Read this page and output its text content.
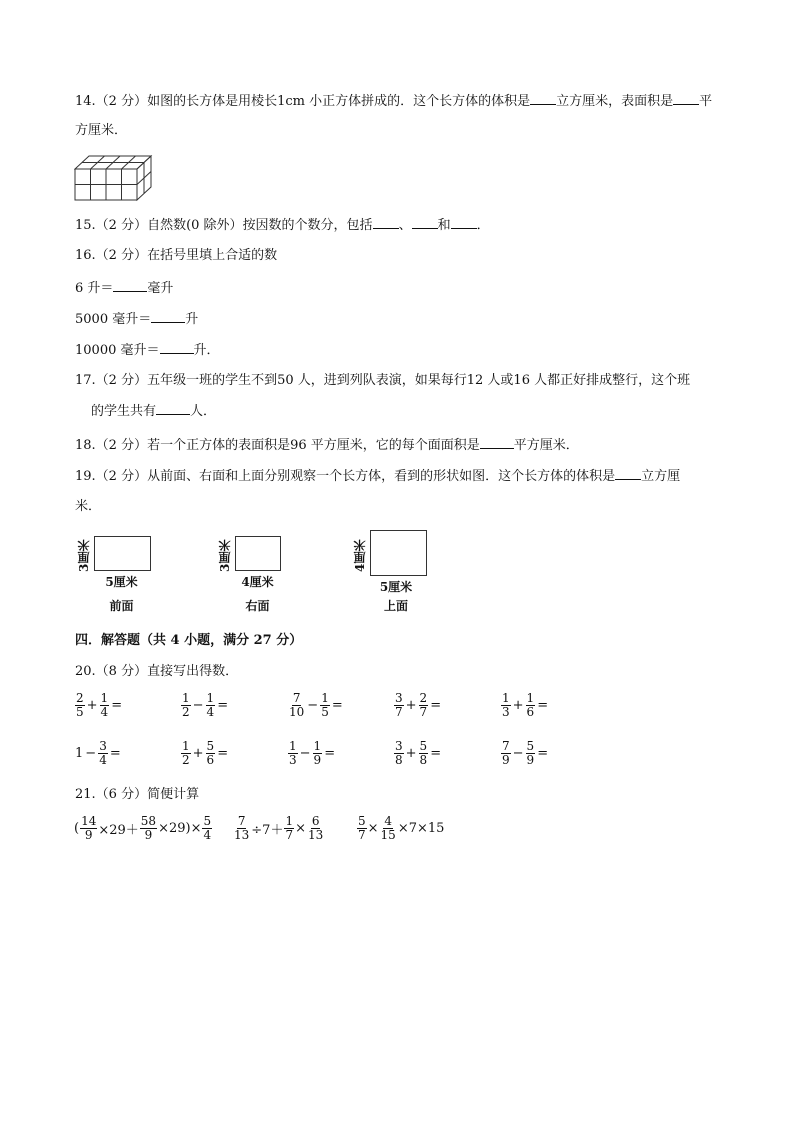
14.（2 分）如图的长方体是用棱长1cm 小正方体拼成的．这个长方体的体积是 立方厘米，表面积是 平
方厘米．
15.（2 分）自然数(0 除外）按因数的个数分，包括 、 和 ．
16.（2 分）在括号里填上合适的数
6 升＝	毫升
5000 毫升＝	升
10000 毫升＝	升．
17.（2 分）五年级一班的学生不到50 人，进到列队表演，如果每行12 人或16 人都正好排成整行，这个班
的学生共有	人．
18.（2 分）若一个正方体的表面积是96 平方厘米，它的每个面面积是	平方厘米．
19.（2 分）从前面、右面和上面分别观察一个长方体，看到的形状如图．这个长方体的体积是 立方厘
米．
3厘米
5厘米
前面
3厘米
4厘米
右面
4厘米
5厘米
上面
四．解答题（共 4 小题，满分 27 分）
20.（8 分）直接写出得数．
$\frac{2}{5} + \frac{1}{4}$ =	$\frac{1}{2} - \frac{1}{4}$ =	$\frac{7}{10} - \frac{1}{5}$ =	$\frac{3}{7} + \frac{2}{7}$ =	$\frac{1}{3} + \frac{1}{6}$ =
$1 - \frac{3}{4}$ =	$\frac{1}{2} + \frac{5}{6}$ =	$\frac{1}{3} - \frac{1}{9}$ =	$\frac{3}{8} + \frac{5}{8}$ =	$\frac{7}{9} - \frac{5}{9}$ =
21.（6 分）简便计算
( $\frac{14}{9} \times 29+ \frac{58}{9} \times 29)\times \frac{5}{4} \frac{7}{13} \div 7+ \frac{1}{7} \times \frac{6}{13}$	$\frac{5}{7} \times \frac{4}{15} \times 7\times 15$
